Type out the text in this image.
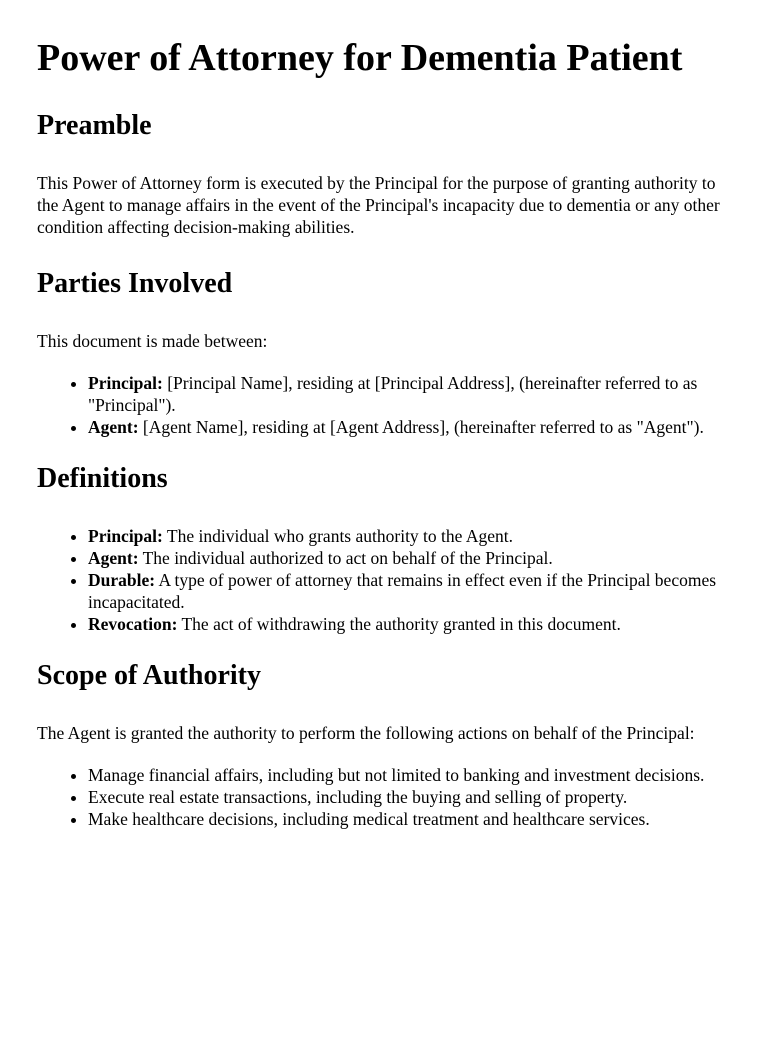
Power of Attorney for Dementia Patient
Preamble

This Power of Attorney form is executed by the Principal for the purpose of granting authority to the Agent to manage affairs in the event of the Principal's incapacity due to dementia or any other condition affecting decision-making abilities.

Parties Involved

This document is made between:

• Principal: [Principal Name], residing at [Principal Address], (hereinafter referred to as "Principal").
• Agent: [Agent Name], residing at [Agent Address], (hereinafter referred to as "Agent").
Definitions
• Principal: The individual who grants authority to the Agent.
• Agent: The individual authorized to act on behalf of the Principal.
• Durable: A type of power of attorney that remains in effect even if the Principal becomes incapacitated.
• Revocation: The act of withdrawing the authority granted in this document.
Scope of Authority

The Agent is granted the authority to perform the following actions on behalf of the Principal:

• Manage financial affairs, including but not limited to banking and investment decisions.
• Execute real estate transactions, including the buying and selling of property.
• Make healthcare decisions, including medical treatment and healthcare services.
